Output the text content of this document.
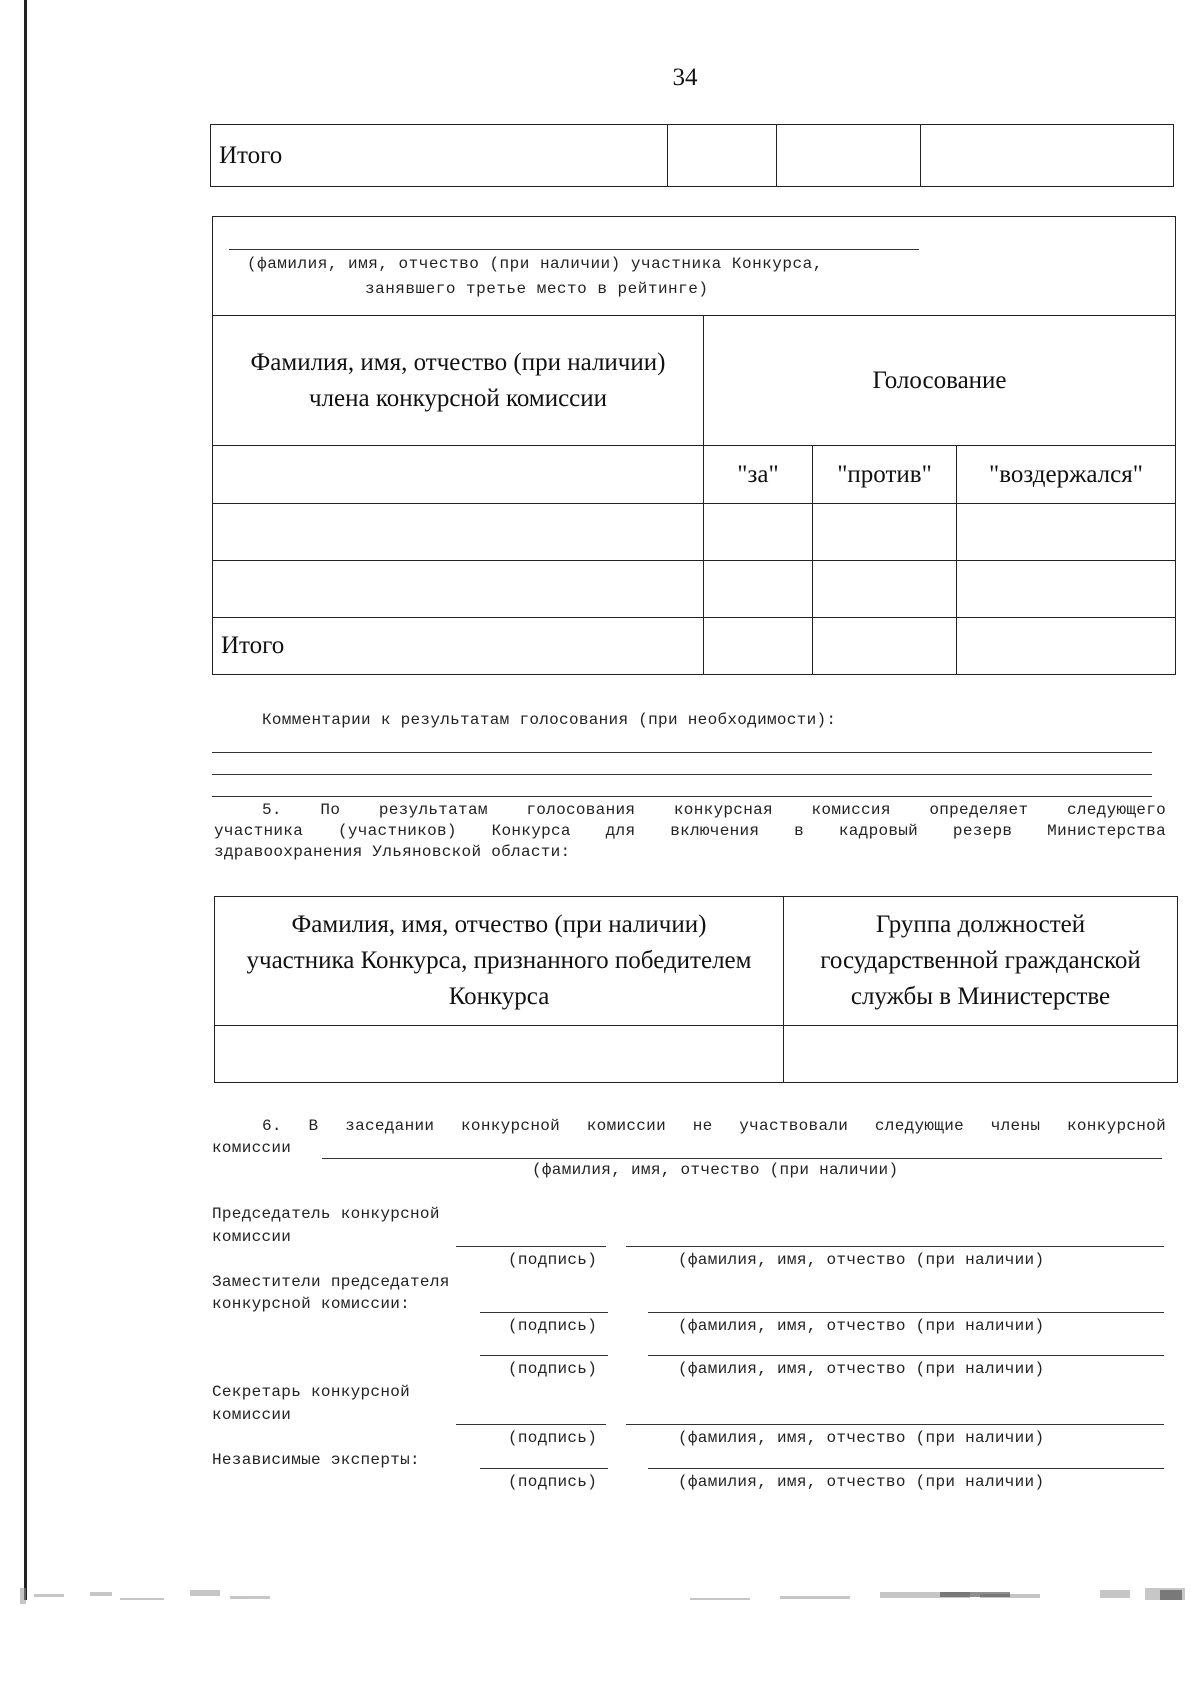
34
Итого			
(фамилия, имя, отчество (при наличии) участника Конкурса,
занявшего третье место в рейтинге)			

Фамилия, имя, отчество (при наличии) члена конкурсной комиссии	Голосование		
	"за"	"против"	"воздержался"

Итого			
Комментарии к результатам голосования (при необходимости):
5. По результатам голосования конкурсная комиссия определяет следующего
участника (участников) Конкурса для включения в кадровый резерв Министерства
здравоохранения Ульяновской области:
Фамилия, имя, отчество (при наличии) участника Конкурса, признанного победителем Конкурса	Группа должностей государственной гражданской службы в Министерстве

6. В заседании конкурсной комиссии не участвовали следующие члены конкурсной
комиссии
(фамилия, имя, отчество (при наличии)
Председатель конкурсной
комиссии
(подпись)	(фамилия, имя, отчество (при наличии)
Заместители председателя
конкурсной комиссии:
(подпись)	(фамилия, имя, отчество (при наличии)
(подпись)	(фамилия, имя, отчество (при наличии)
Секретарь конкурсной
комиссии
(подпись)	(фамилия, имя, отчество (при наличии)
Независимые эксперты:
(подпись)	(фамилия, имя, отчество (при наличии)
